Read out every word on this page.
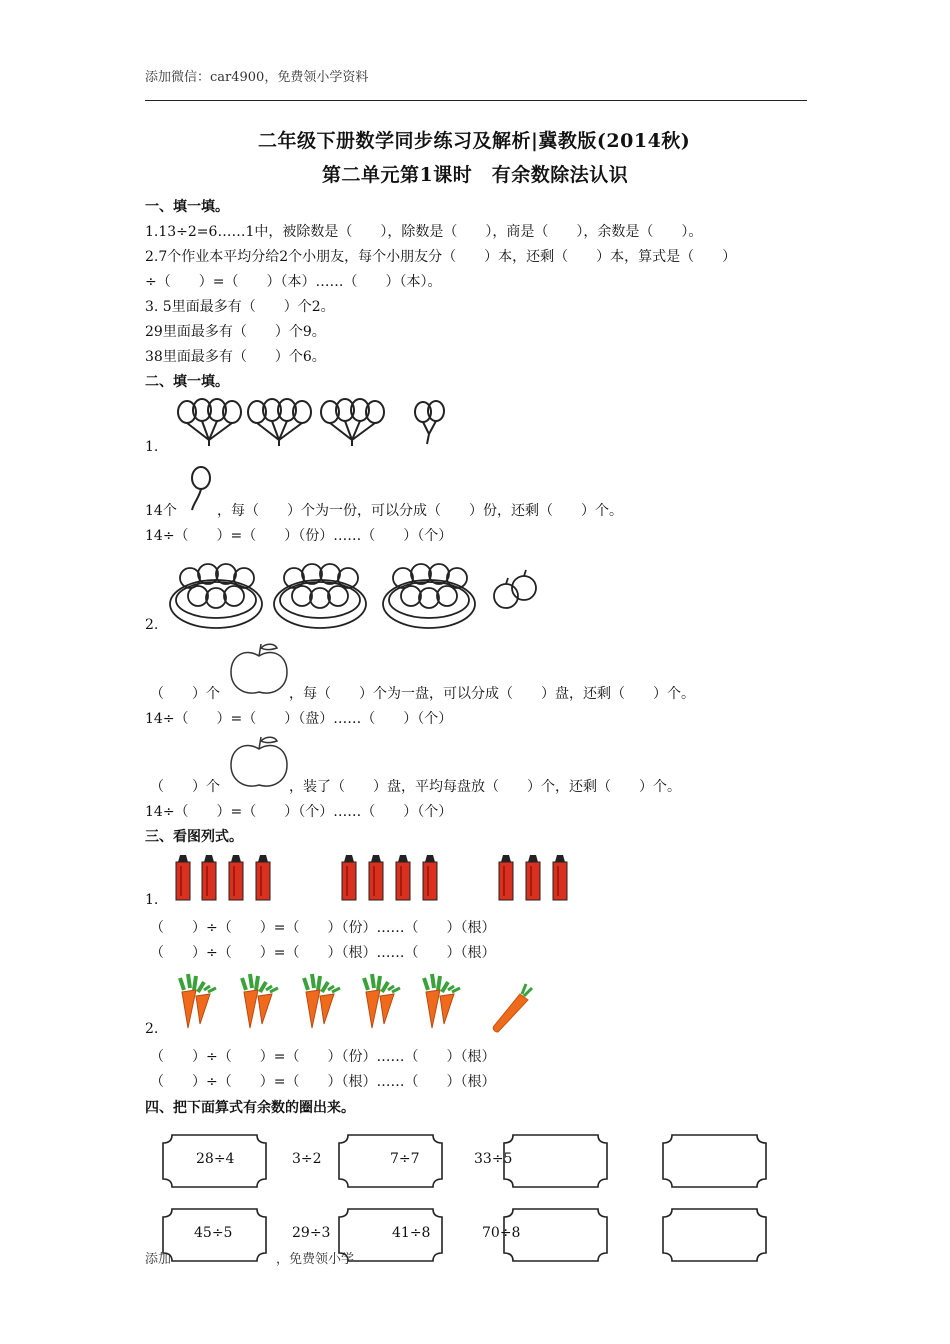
添加微信：car4900，免费领小学资料
二年级下册数学同步练习及解析|冀教版(2014秋)
第二单元第1课时　有余数除法认识
一、填一填。
1.13÷2=6……1中，被除数是（　　），除数是（　　），商是（　　），余数是（　　）。
2.7个作业本平均分给2个小朋友，每个小朋友分（　　）本，还剩（　　）本，算式是（　　）
÷（　　）=（　　）（本）……（　　）（本）。
3. 5里面最多有（　　）个2。
29里面最多有（　　）个9。
38里面最多有（　　）个6。
二、填一填。
1.
14个	，每（　　）个为一份，可以分成（　　）份，还剩（　　）个。
14÷（　　）=（　　）（份）……（　　）（个）
2.
（　　）个	，每（　　）个为一盘，可以分成（　　）盘，还剩（　　）个。
14÷（　　）=（　　）（盘）……（　　）（个）
（　　）个	，装了（　　）盘，平均每盘放（　　）个，还剩（　　）个。
14÷（　　）=（　　）（个）……（　　）（个）
三、看图列式。
1.
（　　）÷（　　）=（　　）（份）……（　　）（根）
（　　）÷（　　）=（　　）（根）……（　　）（根）
2.
（　　）÷（　　）=（　　）（份）……（　　）（根）
（　　）÷（　　）=（　　）（根）……（　　）（根）
四、把下面算式有余数的圈出来。
28÷4	3÷2	7÷7	33÷5
45÷5	29÷3	41÷8	70÷8
添加	，免费领小学
